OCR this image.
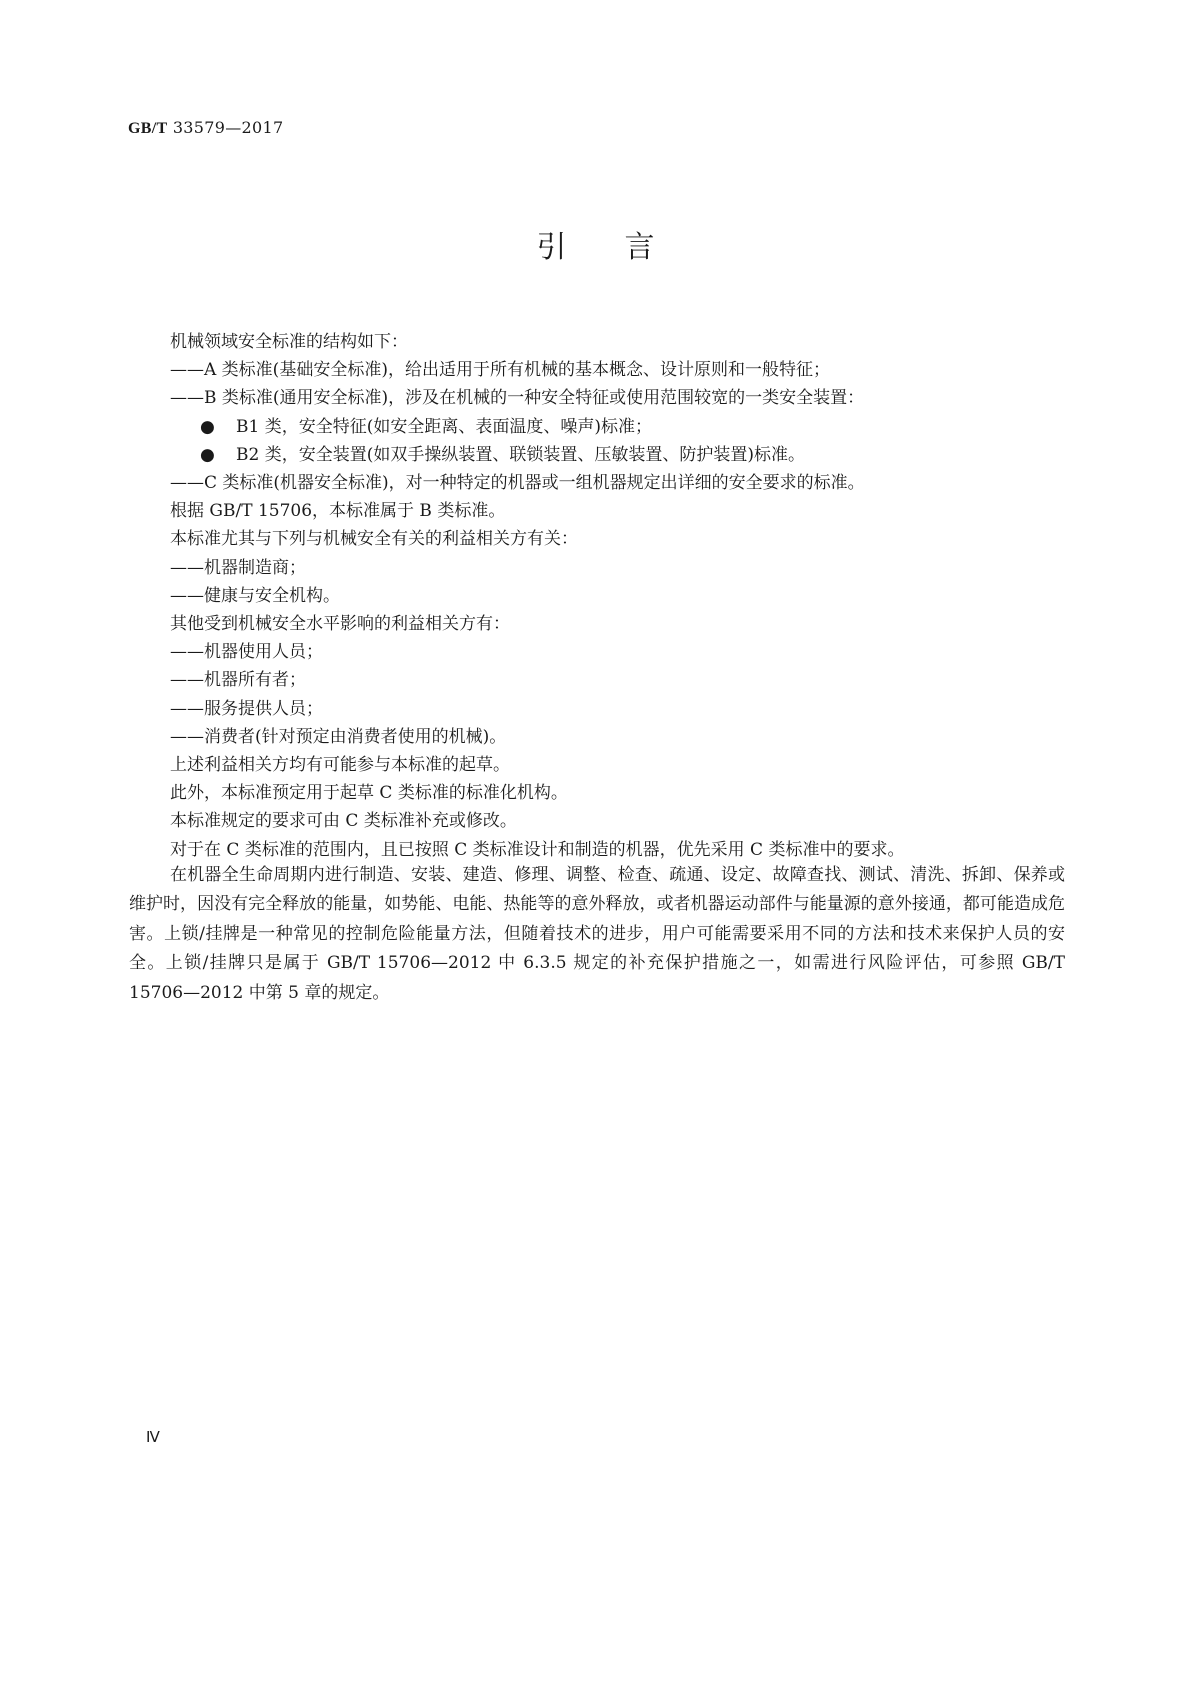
GB/T 33579—2017
引言
机械领域安全标准的结构如下：
——A 类标准(基础安全标准)，给出适用于所有机械的基本概念、设计原则和一般特征；
——B 类标准(通用安全标准)，涉及在机械的一种安全特征或使用范围较宽的一类安全装置：
● B1 类，安全特征(如安全距离、表面温度、噪声)标准；
● B2 类，安全装置(如双手操纵装置、联锁装置、压敏装置、防护装置)标准。
——C 类标准(机器安全标准)，对一种特定的机器或一组机器规定出详细的安全要求的标准。
根据 GB/T 15706，本标准属于 B 类标准。
本标准尤其与下列与机械安全有关的利益相关方有关：
——机器制造商；
——健康与安全机构。
其他受到机械安全水平影响的利益相关方有：
——机器使用人员；
——机器所有者；
——服务提供人员；
——消费者(针对预定由消费者使用的机械)。
上述利益相关方均有可能参与本标准的起草。
此外，本标准预定用于起草 C 类标准的标准化机构。
本标准规定的要求可由 C 类标准补充或修改。
对于在 C 类标准的范围内，且已按照 C 类标准设计和制造的机器，优先采用 C 类标准中的要求。
在机器全生命周期内进行制造、安装、建造、修理、调整、检查、疏通、设定、故障查找、测试、清洗、拆卸、保养或维护时，因没有完全释放的能量，如势能、电能、热能等的意外释放，或者机器运动部件与能量源的意外接通，都可能造成危害。上锁/挂牌是一种常见的控制危险能量方法，但随着技术的进步，用户可能需要采用不同的方法和技术来保护人员的安全。上锁/挂牌只是属于 GB/T 15706—2012 中 6.3.5 规定的补充保护措施之一，如需进行风险评估，可参照 GB/T 15706—2012 中第 5 章的规定。
Ⅳ
